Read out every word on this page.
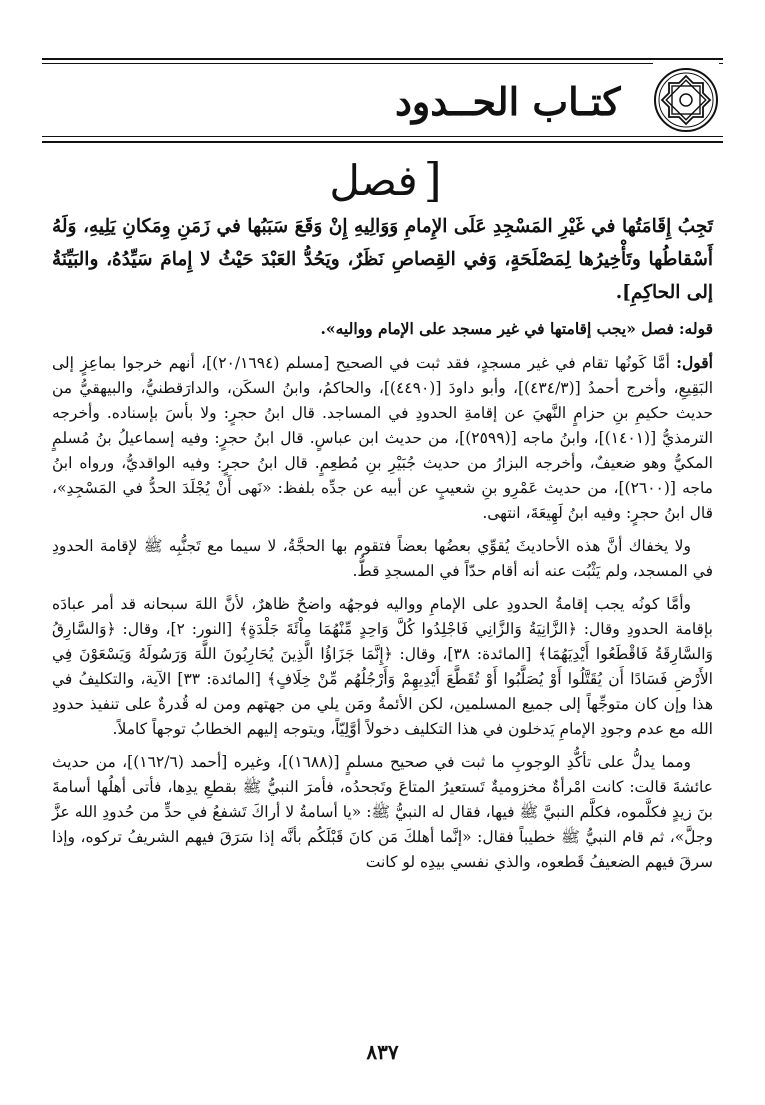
كتـاب الحــدود
[
فصل
تَجِبُ إِقَامَتُها في غَيْرِ المَسْجِدِ عَلَى الإِمامِ وَوَالِيهِ إِنْ وَقَعَ سَبَبُها في زَمَنِ وِمَكانِ يَلِيهِ، وَلَهُ أَسْقاطُها وتَأْخِيرُها لِمَصْلَحَةٍ، وَفي القِصاصِ نَظَرٌ، ويَحُدُّ العَبْدَ حَيْثُ لا إِمامَ سَيِّدُهُ، والبَيِّنَةُ إلى الحاكِمِ].

قوله: فصل «يجب إقامتها في غير مسجد على الإمام وواليه».

أقول: أمَّا كَونُها تقام في غير مسجدٍ، فقد ثبت في الصحيح [مسلم (٢٠/١٦٩٤)]، أنهم خرجوا بماعِزٍ إلى البَقِيعِ، وأخرج أحمدُ [(٤٣٤/٣)]، وأبو داودَ [(٤٤٩٠)]، والحاكمُ، وابنُ السكَن، والدارَقطنيُّ، والبيهقيُّ من حديث حكيمِ بنِ حزامٍ النَّهيَ عن إقامةِ الحدودِ في المساجد. قال ابنُ حجرٍ: ولا بأسَ بإسناده. وأخرجه الترمذيُّ [(١٤٠١)]، وابنُ ماجه [(٢٥٩٩)]، من حديث ابن عباسٍ. قال ابنُ حجرٍ: وفيه إسماعيلُ بنُ مُسلمٍ المكيُّ وهو ضعيفٌ، وأخرجه البزارُ من حديث جُبَيْرِ بنِ مُطعِمٍ. قال ابنُ حجرٍ: وفيه الواقديُّ، ورواه ابنُ ماجه [(٢٦٠٠)]، من حديث عَمْرِو بنِ شعيبٍ عن أبيه عن جدِّه بلفظ: «نَهى أَنْ يُجْلَدَ الحدُّ في المَسْجِدِ»، قال ابنُ حجرٍ: وفيه ابنُ لَهِيعَةَ، انتهى.

ولا يخفاك أنَّ هذه الأحاديثَ يُقوِّي بعضُها بعضاً فتقوم بها الحجَّةُ، لا سيما مع تَجنُّبِه ﷺ لإقامة الحدودِ في المسجد، ولم يَثْبُت عنه أنه أقام حدّاً في المسجدِ قطُّ.

وأمَّا كونُه يجب إقامةُ الحدودِ على الإمامِ وواليه فوجهُه واضحٌ ظاهرٌ، لأنَّ اللهَ سبحانه قد أمر عبادَه بإقامة الحدودِ وقال: ﴿الزَّانِيَةُ وَالزَّانِي فَاجْلِدُوا كُلَّ وَاحِدٍ مِّنْهُمَا مِاْئَةَ جَلْدَةٍ﴾ [النور: ٢]، وقال: ﴿وَالسَّارِقُ وَالسَّارِقَةُ فَاقْطَعُوا أَيْدِيَهُمَا﴾ [المائدة: ٣٨]، وقال: ﴿إِنَّمَا جَزَاؤُا الَّذِينَ يُحَارِبُونَ اللَّهَ وَرَسُولَهُ وَيَسْعَوْنَ فِي الأَرْضِ فَسَادًا أَن يُقَتَّلُوا أَوْ يُصَلَّبُوا أَوْ تُقَطَّعَ أَيْدِيهِمْ وَأَرْجُلُهُم مِّنْ خِلَافٍ﴾ [المائدة: ٣٣] الآية، والتكليفُ في هذا وإن كان متوجِّهاً إلى جميع المسلمين، لكن الأئمةُ ومَن يلي من جهتهم ومن له قُدرةٌ على تنفيذ حدودِ الله مع عدم وجودِ الإمامِ يَدخلون في هذا التكليف دخولاً أوَّلِيّاً، ويتوجه إليهم الخطابُ توجهاً كاملاً.

ومما يدلُّ على تأكُّدِ الوجوبِ ما ثبت في صحيح مسلمٍ [(١٦٨٨)]، وغيره [أحمد (١٦٢/٦)]، من حديث عائشةَ قالت: كانت امْرأةٌ مخزوميةٌ تَستعيرُ المتاعَ وتَجحدُه، فأمرَ النبيُّ ﷺ بقطعِ يدِها، فأتى أهلُها أسامةَ بنَ زيدٍ فكلَّموه، فكلَّم النبيَّ ﷺ فيها، فقال له النبيُّ ﷺ: «يا أسامةُ لا أراكَ تَشفعُ في حدٍّ من حُدودِ الله عزَّ وجلَّ»، ثم قام النبيُّ ﷺ خطيباً فقال: «إنَّما أهلكَ مَن كانَ قَبْلَكُم بأنَّه إذا سَرَقَ فيهم الشريفُ تركوه، وإذا سرقَ فيهم الضعيفُ قَطعوه، والذي نفسي بيدِه لو كانت

٨٣٧
